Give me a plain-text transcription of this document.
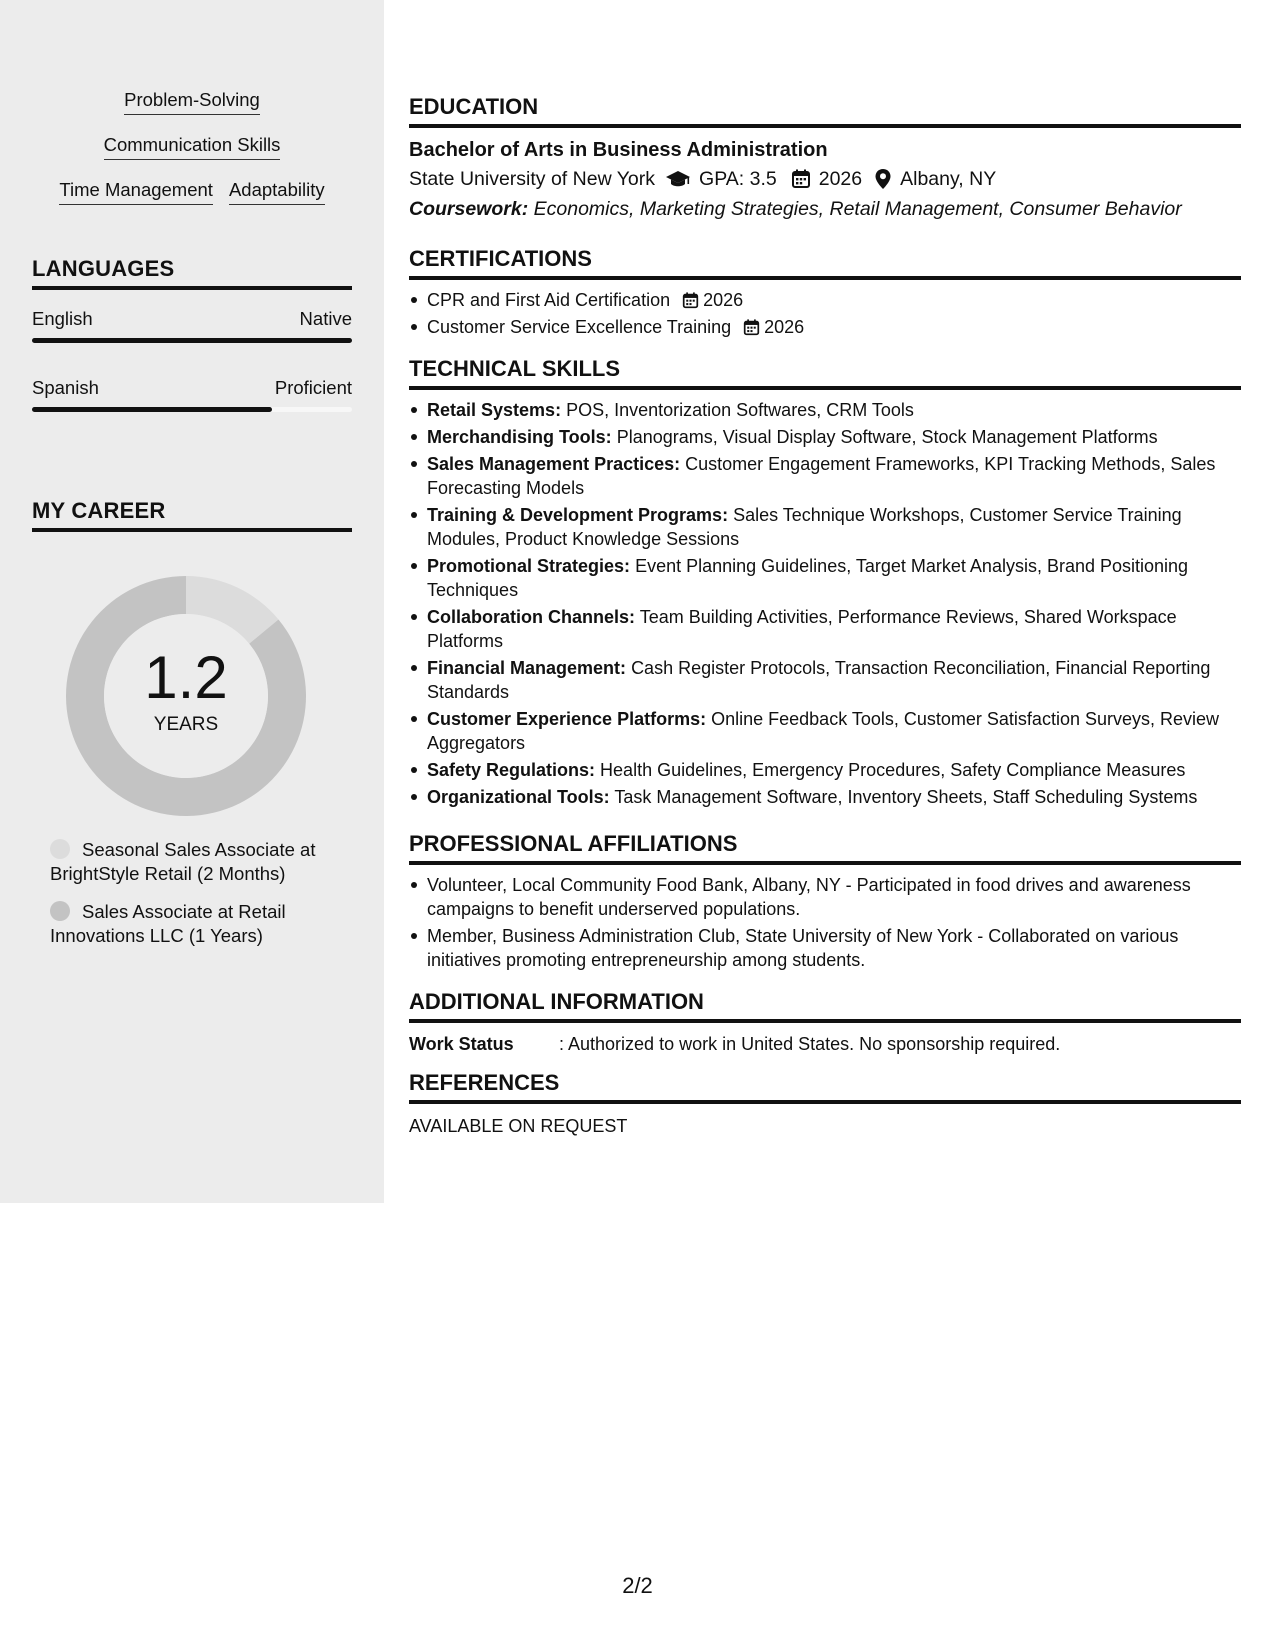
Problem-Solving
Communication Skills
Time Management Adaptability
LANGUAGES
English	Native
Spanish	Proficient
MY CAREER
1.2
YEARS
Seasonal Sales Associate at BrightStyle Retail (2 Months)
Sales Associate at Retail Innovations LLC (1 Years)
EDUCATION
Bachelor of Arts in Business Administration
State University of New York GPA: 3.5 2026 Albany, NY
Coursework: Economics, Marketing Strategies, Retail Management, Consumer Behavior
CERTIFICATIONS
CPR and First Aid Certification 2026
Customer Service Excellence Training 2026
TECHNICAL SKILLS
Retail Systems: POS, Inventorization Softwares, CRM Tools
Merchandising Tools: Planograms, Visual Display Software, Stock Management Platforms
Sales Management Practices: Customer Engagement Frameworks, KPI Tracking Methods, Sales Forecasting Models
Training & Development Programs: Sales Technique Workshops, Customer Service Training Modules, Product Knowledge Sessions
Promotional Strategies: Event Planning Guidelines, Target Market Analysis, Brand Positioning Techniques
Collaboration Channels: Team Building Activities, Performance Reviews, Shared Workspace Platforms
Financial Management: Cash Register Protocols, Transaction Reconciliation, Financial Reporting Standards
Customer Experience Platforms: Online Feedback Tools, Customer Satisfaction Surveys, Review Aggregators
Safety Regulations: Health Guidelines, Emergency Procedures, Safety Compliance Measures
Organizational Tools: Task Management Software, Inventory Sheets, Staff Scheduling Systems
PROFESSIONAL AFFILIATIONS
Volunteer, Local Community Food Bank, Albany, NY - Participated in food drives and awareness campaigns to benefit underserved populations.
Member, Business Administration Club, State University of New York - Collaborated on various initiatives promoting entrepreneurship among students.
ADDITIONAL INFORMATION
Work Status	: Authorized to work in United States. No sponsorship required.
REFERENCES
AVAILABLE ON REQUEST
2/2
